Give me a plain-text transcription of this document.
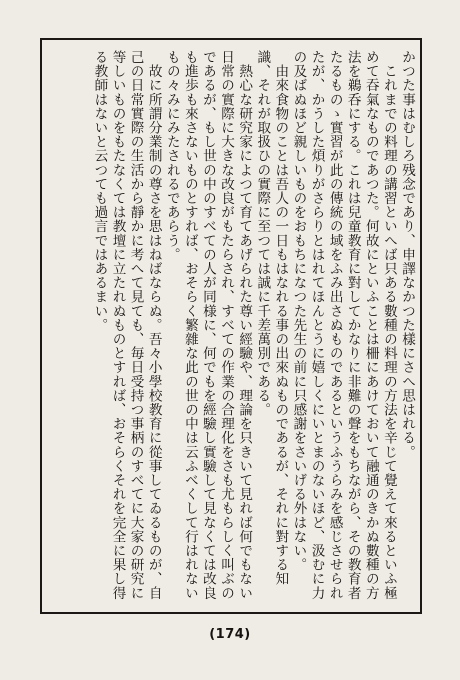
かつた事はむしろ残念であり、申譯なかつた樣にさへ思はれる。

これまでの料理の講習といへば只ある數種の料理の方法を辛じて覺えて來るといふ極めて吞氣なものであつた。何故にといふことは柵にあけておいて融通のきかぬ數種の方法を鵜呑にする。これは兒童教育に對してかなりに非難の聲をもちながら、その教育者たるものゝ實習が此の傳統の域をふみ出さぬものであるというふうらみを感じさせられたが、かうした煩りがさらりとはれてほんとうに嬉しくにいとまのないほど、汲むに力の及ばぬほど親しいものをおもちになつた先生の前に只感謝をさいげる外はない。

由來食物のことは吾人の一日もはなれる事の出來ぬものであるが、それに對する知識、それが取扱ひの實際に至つては誠に千差萬別である。

熱心な研究家によつて育てあげられた尊い經驗や、理論を只きいて見れば何でもない日常の實際に大きな改良がもたらされ、すべての作業の合理化をさも尤もらしく叫ぶのであるが、もし世の中のすべての人が同様に、何でもを經驗し實驗して見なくては改良も進歩も來さないものとすれば、おそらく繁雜な此の世の中は云ふべくして行はれないもの々みにみたされるであらう。

故に所謂分業制の尊さを思はねばならぬ。吾々小學校教育に從事してゐるものが、自己の日常實際の生活から靜かに考へて見ても、毎日受持つ事柄のすべてに大家の研究に等しいものをもたなくては教壇に立たれぬものとすれば、おそらくそれを完全に果し得る教師はないと云つても過言ではあるまい。

(174)
